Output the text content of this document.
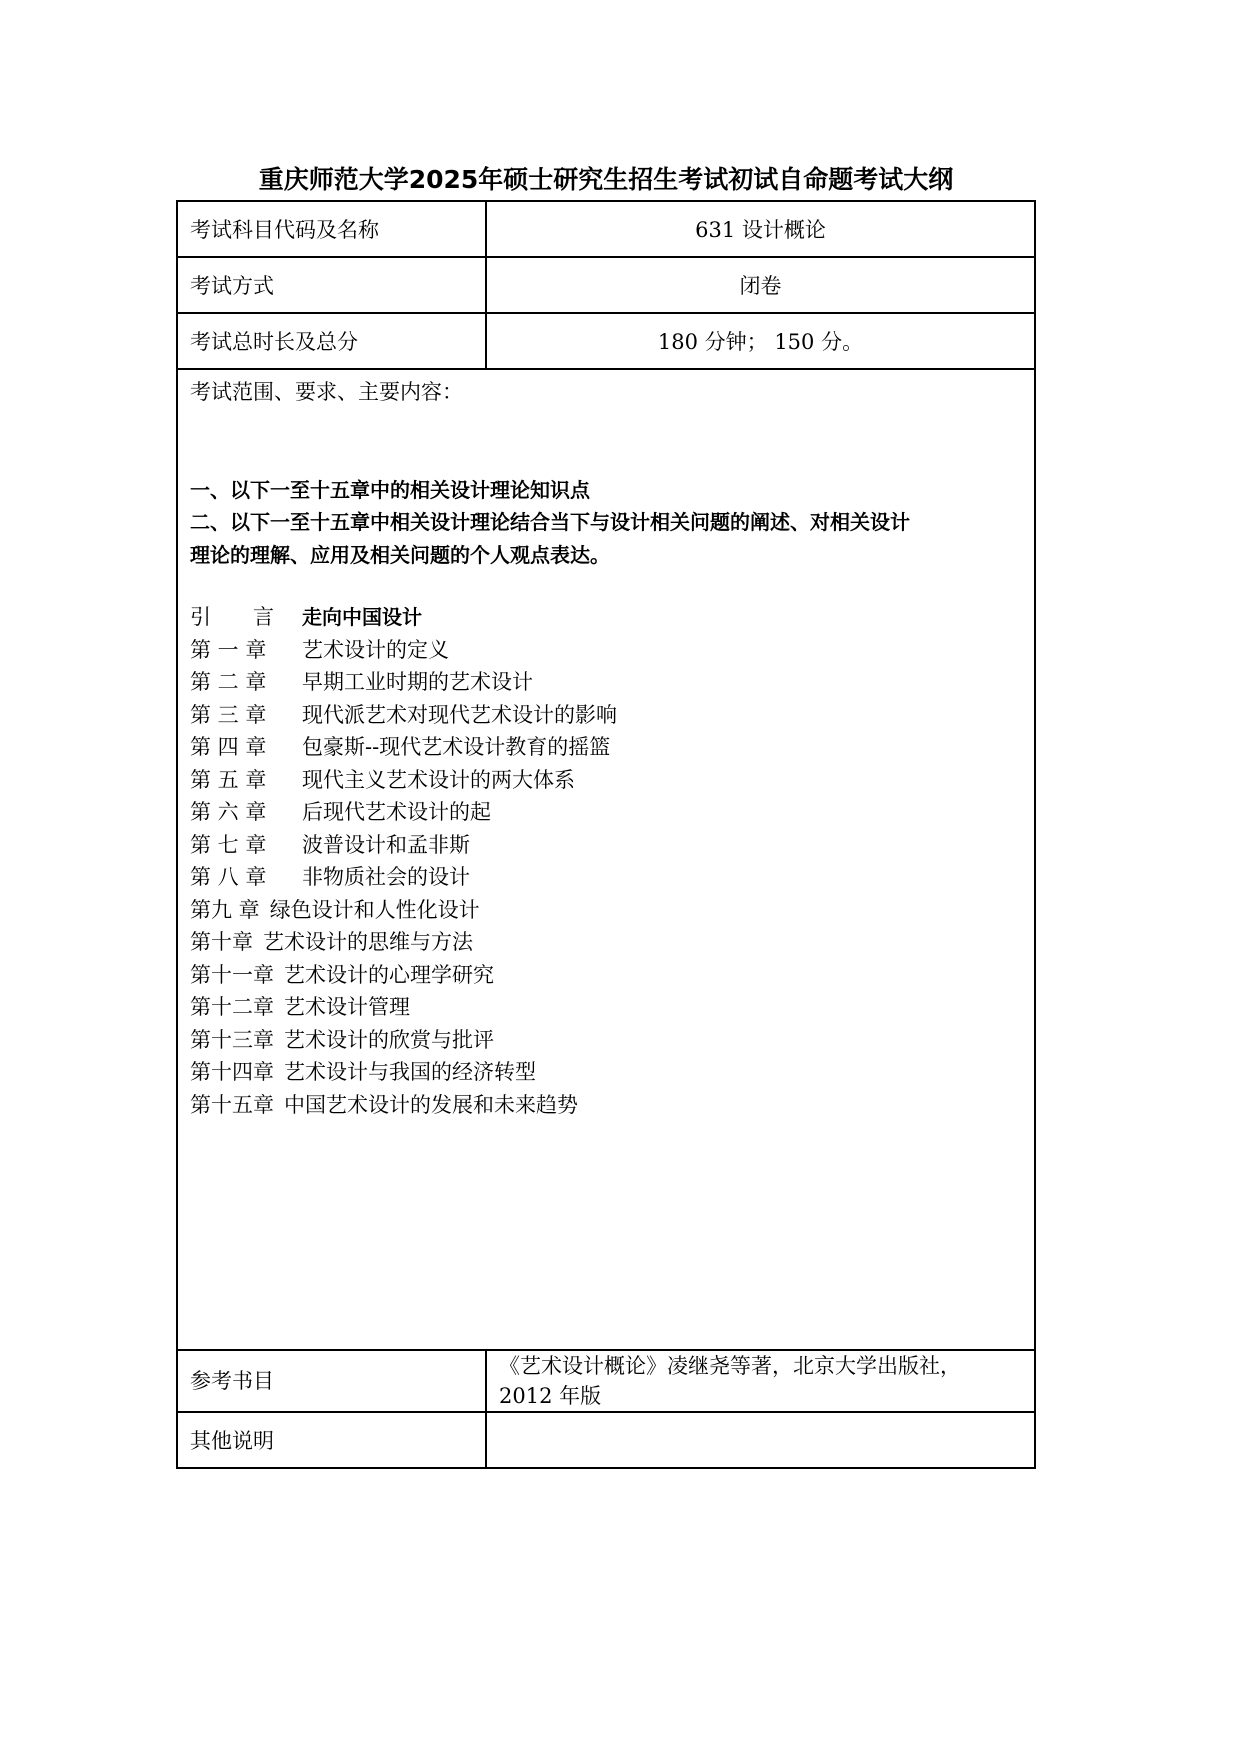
重庆师范大学2025年硕士研究生招生考试初试自命题考试大纲
考试科目代码及名称	631 设计概论
考试方式	闭卷
考试总时长及总分	180 分钟； 150 分。

考试范围、要求、主要内容：
一、以下一至十五章中的相关设计理论知识点
二、以下一至十五章中相关设计理论结合当下与设计相关问题的阐述、对相关设计
理论的理解、应用及相关问题的个人观点表达。
引　　言	走向中国设计
第 一 章	艺术设计的定义
第 二 章	早期工业时期的艺术设计
第 三 章	现代派艺术对现代艺术设计的影响
第 四 章	包豪斯--现代艺术设计教育的摇篮
第 五 章	现代主义艺术设计的两大体系
第 六 章	后现代艺术设计的起
第 七 章	波普设计和孟非斯
第 八 章	非物质社会的设计
第九 章 绿色设计和人性化设计
第十章 艺术设计的思维与方法
第十一章 艺术设计的心理学研究
第十二章 艺术设计管理
第十三章 艺术设计的欣赏与批评
第十四章 艺术设计与我国的经济转型
第十五章 中国艺术设计的发展和未来趋势

参考书目	《艺术设计概论》凌继尧等著，北京大学出版社，
2012 年版

其他说明	
